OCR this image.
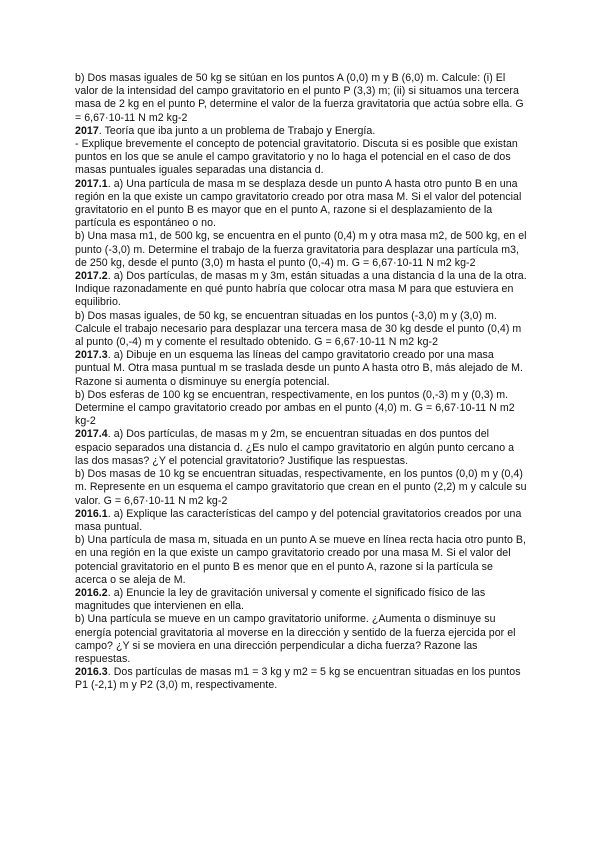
b) Dos masas iguales de 50 kg se sitúan en los puntos A (0,0) m y B (6,0) m. Calcule: (i) El valor de la intensidad del campo gravitatorio en el punto P (3,3) m; (ii) si situamos una tercera masa de 2 kg en el punto P, determine el valor de la fuerza gravitatoria que actúa sobre ella. G = 6,67·10-11 N m2 kg-2

2017. Teoría que iba junto a un problema de Trabajo y Energía.

- Explique brevemente el concepto de potencial gravitatorio. Discuta si es posible que existan puntos en los que se anule el campo gravitatorio y no lo haga el potencial en el caso de dos masas puntuales iguales separadas una distancia d.

2017.1. a) Una partícula de masa m se desplaza desde un punto A hasta otro punto B en una región en la que existe un campo gravitatorio creado por otra masa M. Si el valor del potencial gravitatorio en el punto B es mayor que en el punto A, razone si el desplazamiento de la partícula es espontáneo o no.

b) Una masa m1, de 500 kg, se encuentra en el punto (0,4) m y otra masa m2, de 500 kg, en el punto (-3,0) m. Determine el trabajo de la fuerza gravitatoria para desplazar una partícula m3, de 250 kg, desde el punto (3,0) m hasta el punto (0,-4) m. G = 6,67·10-11 N m2 kg-2

2017.2. a) Dos partículas, de masas m y 3m, están situadas a una distancia d la una de la otra. Indique razonadamente en qué punto habría que colocar otra masa M para que estuviera en equilibrio.

b) Dos masas iguales, de 50 kg, se encuentran situadas en los puntos (-3,0) m y (3,0) m. Calcule el trabajo necesario para desplazar una tercera masa de 30 kg desde el punto (0,4) m al punto (0,-4) m y comente el resultado obtenido. G = 6,67·10-11 N m2 kg-2

2017.3. a) Dibuje en un esquema las líneas del campo gravitatorio creado por una masa puntual M. Otra masa puntual m se traslada desde un punto A hasta otro B, más alejado de M. Razone si aumenta o disminuye su energía potencial.

b) Dos esferas de 100 kg se encuentran, respectivamente, en los puntos (0,-3) m y (0,3) m. Determine el campo gravitatorio creado por ambas en el punto (4,0) m. G = 6,67·10-11 N m2 kg-2

2017.4. a) Dos partículas, de masas m y 2m, se encuentran situadas en dos puntos del espacio separados una distancia d. ¿Es nulo el campo gravitatorio en algún punto cercano a las dos masas? ¿Y el potencial gravitatorio? Justifique las respuestas.

b) Dos masas de 10 kg se encuentran situadas, respectivamente, en los puntos (0,0) m y (0,4) m. Represente en un esquema el campo gravitatorio que crean en el punto (2,2) m y calcule su valor. G = 6,67·10-11 N m2 kg-2

2016.1. a) Explique las características del campo y del potencial gravitatorios creados por una masa puntual.

b) Una partícula de masa m, situada en un punto A se mueve en línea recta hacia otro punto B, en una región en la que existe un campo gravitatorio creado por una masa M. Si el valor del potencial gravitatorio en el punto B es menor que en el punto A, razone si la partícula se acerca o se aleja de M.

2016.2. a) Enuncie la ley de gravitación universal y comente el significado físico de las magnitudes que intervienen en ella.

b) Una partícula se mueve en un campo gravitatorio uniforme. ¿Aumenta o disminuye su energía potencial gravitatoria al moverse en la dirección y sentido de la fuerza ejercida por el campo? ¿Y si se moviera en una dirección perpendicular a dicha fuerza? Razone las respuestas.

2016.3. Dos partículas de masas m1 = 3 kg y m2 = 5 kg se encuentran situadas en los puntos P1 (-2,1) m y P2 (3,0) m, respectivamente.
